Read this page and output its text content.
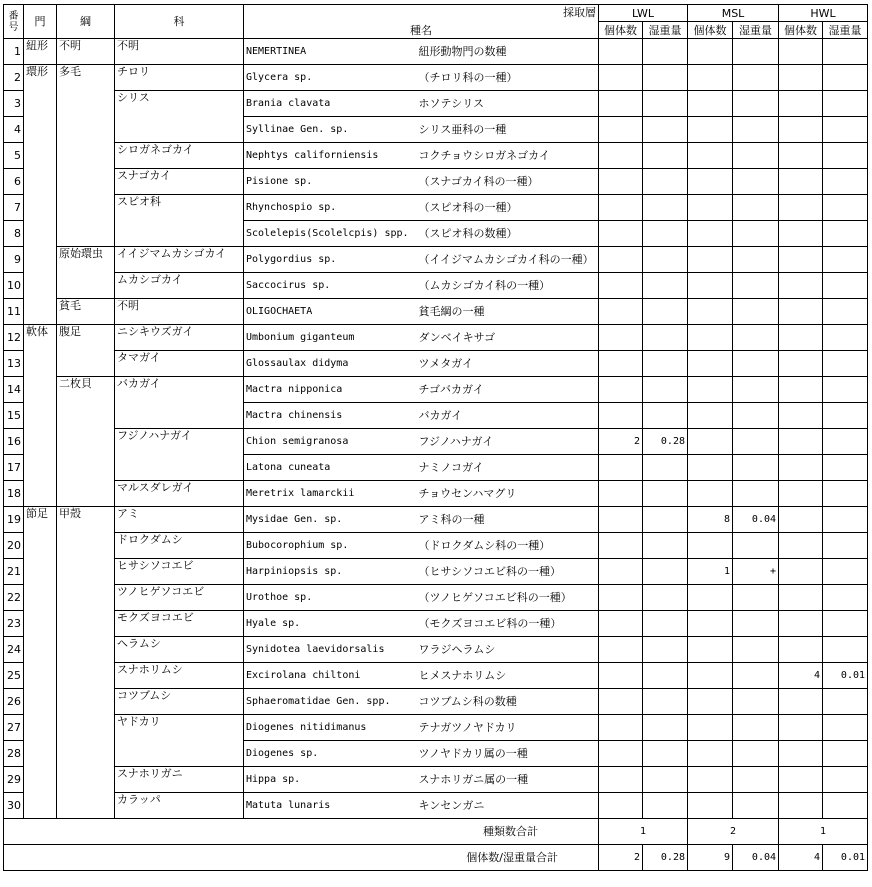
番
号	門	綱	科	採取層
種名		LWL		MSL		HWL	
						個体数	湿重量	個体数	湿重量	個体数	湿重量
1	紐形	不明	不明	NEMERTINEA	紐形動物門の数種						
2	環形	多毛	チロリ	Glycera sp.	（チロリ科の一種）						
3			シリス	Brania clavata	ホソテシリス						
4				Syllinae Gen. sp.	シリス亜科の一種						
5			シロガネゴカイ	Nephtys californiensis	コクチョウシロガネゴカイ						
6			スナゴカイ	Pisione sp.	（スナゴカイ科の一種）						
7			スピオ科	Rhynchospio sp.	（スピオ科の一種）						
8				Scolelepis(Scolelcpis) spp.	（スピオ科の数種）						
9		原始環虫	イイジマムカシゴカイ	Polygordius sp.	（イイジマムカシゴカイ科の一種）						
10			ムカシゴカイ	Saccocirus sp.	（ムカシゴカイ科の一種）						
11		貧毛	不明	OLIGOCHAETA	貧毛綱の一種						
12	軟体	腹足	ニシキウズガイ	Umbonium giganteum	ダンベイキサゴ						
13			タマガイ	Glossaulax didyma	ツメタガイ						
14		二枚貝	バカガイ	Mactra nipponica	チゴバカガイ						
15				Mactra chinensis	バカガイ						
16			フジノハナガイ	Chion semigranosa	フジノハナガイ	2	0.28				
17				Latona cuneata	ナミノコガイ						
18			マルスダレガイ	Meretrix lamarckii	チョウセンハマグリ						
19	節足	甲殻	アミ	Mysidae Gen. sp.	アミ科の一種			8	0.04		
20			ドロクダムシ	Bubocorophium sp.	（ドロクダムシ科の一種）						
21			ヒサシソコエビ	Harpiniopsis sp.	（ヒサシソコエビ科の一種）			1	+		
22			ツノヒゲソコエビ	Urothoe sp.	（ツノヒゲソコエビ科の一種）						
23			モクズヨコエビ	Hyale sp.	（モクズヨコエビ科の一種）						
24			ヘラムシ	Synidotea laevidorsalis	ワラジヘラムシ						
25			スナホリムシ	Excirolana chiltoni	ヒメスナホリムシ					4	0.01
26			コツブムシ	Sphaeromatidae Gen. spp.	コツブムシ科の数種						
27			ヤドカリ	Diogenes nitidimanus	テナガツノヤドカリ						
28				Diogenes sp.	ツノヤドカリ属の一種						
29			スナホリガニ	Hippa sp.	スナホリガニ属の一種						
30			カラッパ	Matuta lunaris	キンセンガニ						
種類数合計						1		2		1	
個体数/湿重量合計						2	0.28	9	0.04	4	0.01
